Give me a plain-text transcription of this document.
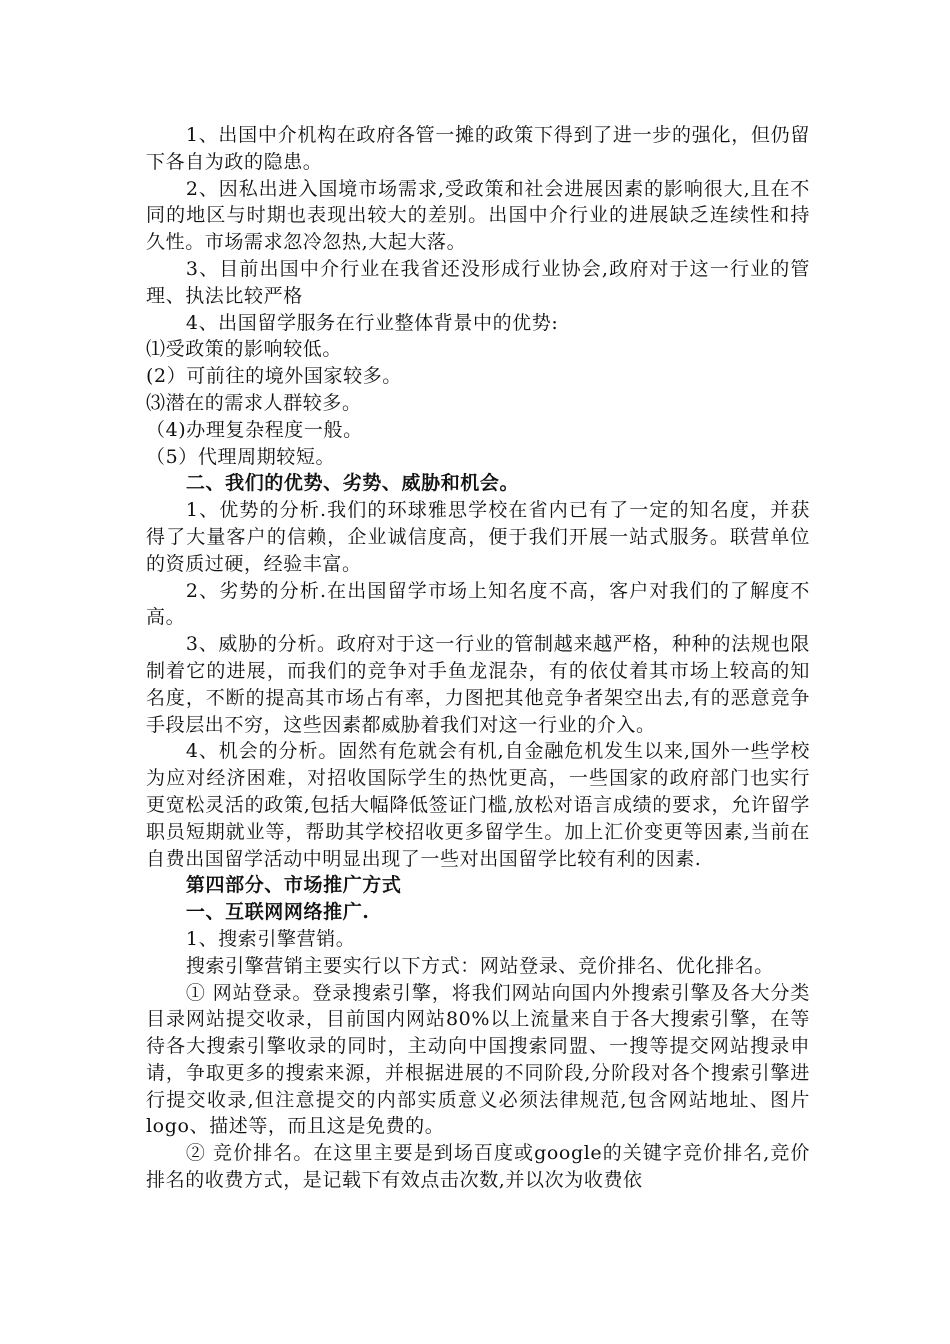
1、出国中介机构在政府各管一摊的政策下得到了进一步的强化，但仍留下各自为政的隐患。

2、因私出进入国境市场需求,受政策和社会进展因素的影响很大,且在不同的地区与时期也表现出较大的差别。出国中介行业的进展缺乏连续性和持久性。市场需求忽冷忽热,大起大落。

3、目前出国中介行业在我省还没形成行业协会,政府对于这一行业的管理、执法比较严格

4、出国留学服务在行业整体背景中的优势:

⑴受政策的影响较低。

(2）可前往的境外国家较多。

⑶潜在的需求人群较多。

（4)办理复杂程度一般。

（5）代理周期较短。

二、我们的优势、劣势、威胁和机会。

1、优势的分析.我们的环球雅思学校在省内已有了一定的知名度，并获得了大量客户的信赖，企业诚信度高，便于我们开展一站式服务。联营单位的资质过硬，经验丰富。

2、劣势的分析.在出国留学市场上知名度不高，客户对我们的了解度不高。

3、威胁的分析。政府对于这一行业的管制越来越严格，种种的法规也限制着它的进展，而我们的竞争对手鱼龙混杂，有的依仗着其市场上较高的知名度，不断的提高其市场占有率，力图把其他竞争者架空出去,有的恶意竞争手段层出不穷，这些因素都威胁着我们对这一行业的介入。

4、机会的分析。固然有危就会有机,自金融危机发生以来,国外一些学校为应对经济困难，对招收国际学生的热忱更高，一些国家的政府部门也实行更宽松灵活的政策,包括大幅降低签证门槛,放松对语言成绩的要求，允许留学职员短期就业等，帮助其学校招收更多留学生。加上汇价变更等因素,当前在自费出国留学活动中明显出现了一些对出国留学比较有利的因素.

第四部分、市场推广方式

一、互联网网络推广.

1、搜索引擎营销。

搜索引擎营销主要实行以下方式：网站登录、竞价排名、优化排名。

① 网站登录。登录搜索引擎，将我们网站向国内外搜索引擎及各大分类目录网站提交收录，目前国内网站80%以上流量来自于各大搜索引擎，在等待各大搜索引擎收录的同时，主动向中国搜索同盟、一搜等提交网站搜录申请，争取更多的搜索来源，并根据进展的不同阶段,分阶段对各个搜索引擎进行提交收录,但注意提交的内部实质意义必须法律规范,包含网站地址、图片logo、描述等，而且这是免费的。

② 竞价排名。在这里主要是到场百度或google的关键字竞价排名,竞价排名的收费方式，是记载下有效点击次数,并以次为收费依
